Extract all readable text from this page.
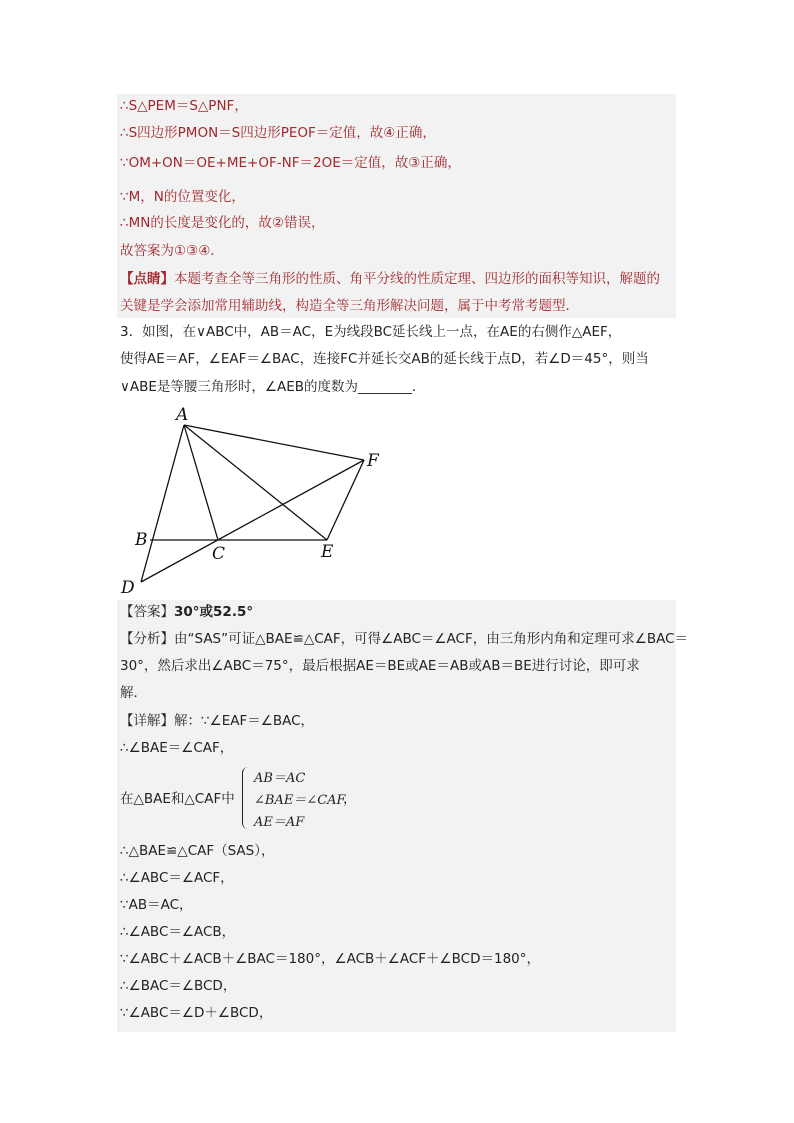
∴S△PEM＝S△PNF，
∴S四边形PMON＝S四边形PEOF＝定值，故④正确，
∵OM+ON＝OE+ME+OF-NF＝2OE＝定值，故③正确，
∵M，N的位置变化，
∴MN的长度是变化的，故②错误，
故答案为①③④．
【点睛】本题考查全等三角形的性质、角平分线的性质定理、四边形的面积等知识，解题的
关键是学会添加常用辅助线，构造全等三角形解决问题，属于中考常考题型．
3．如图，在∨ABC中，AB＝AC，E为线段BC延长线上一点，在AE的右侧作△AEF，
使得AE＝AF，∠EAF＝∠BAC，连接FC并延长交AB的延长线于点D，若∠D＝45°，则当
∨ABE是等腰三角形时，∠AEB的度数为________．
A
B
C
D
E
F
【答案】30°或52.5°
【分析】由“SAS”可证△BAE≌△CAF，可得∠ABC＝∠ACF，由三角形内角和定理可求∠BAC＝
30°，然后求出∠ABC＝75°，最后根据AE＝BE或AE＝AB或AB＝BE进行讨论，即可求
解．
【详解】解：∵∠EAF＝∠BAC，
∴∠BAE＝∠CAF，
在△BAE和△CAF中
AB＝AC
∠BAE＝∠CAF
AE＝AF
，
∴△BAE≌△CAF（SAS），
∴∠ABC＝∠ACF，
∵AB＝AC，
∴∠ABC＝∠ACB，
∵∠ABC＋∠ACB＋∠BAC＝180°，∠ACB＋∠ACF＋∠BCD＝180°，
∴∠BAC＝∠BCD，
∵∠ABC＝∠D＋∠BCD，
